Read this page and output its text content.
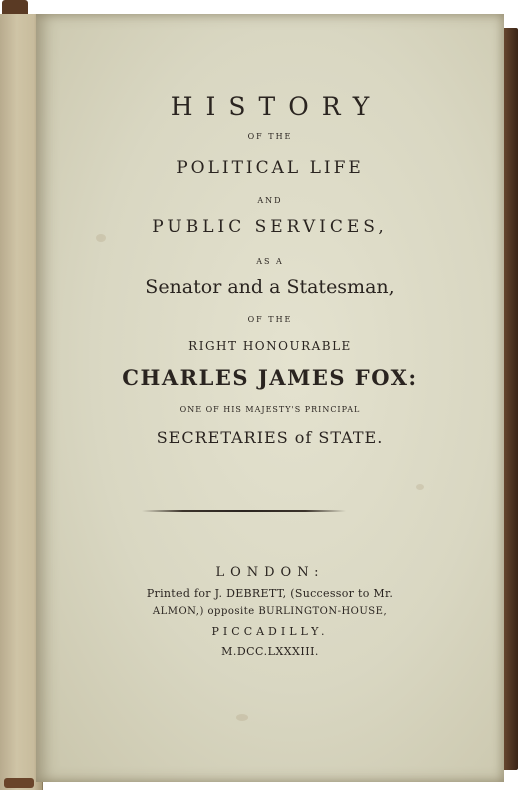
HISTORY
OF THE
POLITICAL LIFE
AND
PUBLIC SERVICES,
AS A
Senator and a Statesman,
OF THE
RIGHT HONOURABLE
CHARLES JAMES FOX:
ONE OF HIS MAJESTY'S PRINCIPAL
SECRETARIES of STATE.
LONDON:
Printed for J. DEBRETT, (Successor to Mr.
ALMON,) opposite BURLINGTON-HOUSE,
PICCADILLY.
M.DCC.LXXXIII.
